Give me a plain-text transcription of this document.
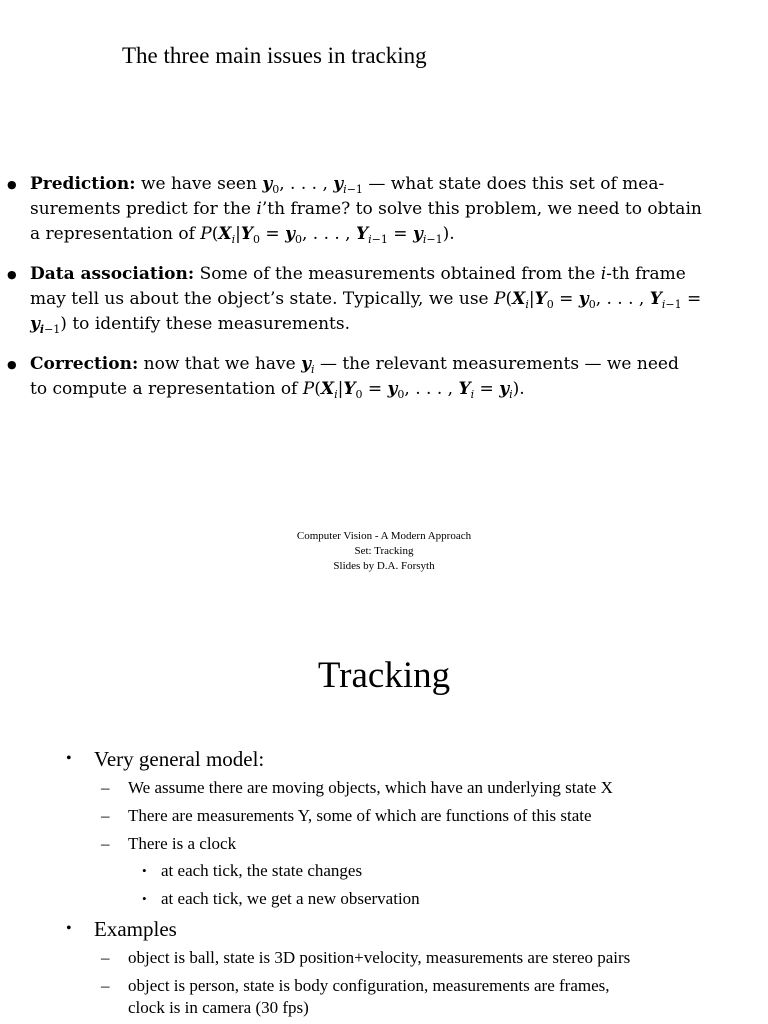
The three main issues in tracking
● Prediction: we have seen $y_0$, . . . , $y_{i-1}$ — what state does this set of mea-
surements predict for the i’th frame? to solve this problem, we need to obtain
a representation of $P(X_i|Y_0 = y_0$, . . . , $Y_{i-1} = y_{i-1}$).
● Data association: Some of the measurements obtained from the i-th frame
may tell us about the object’s state. Typically, we use $P(X_i|Y_0 = y_0$, . . . , $Y_{i-1}$ =
$y_{i-1}$) to identify these measurements.
● Correction: now that we have $y_i$ — the relevant measurements — we need
to compute a representation of $P(X_i|Y_0 = y_0$, . . . , $Y_i = y_i$).
Computer Vision - A Modern Approach
Set: Tracking
Slides by D.A. Forsyth
Tracking
• Very general model:
– We assume there are moving objects, which have an underlying state X
– There are measurements Y, some of which are functions of this state
– There is a clock
• at each tick, the state changes
• at each tick, we get a new observation
• Examples
– object is ball, state is 3D position+velocity, measurements are stereo pairs
– object is person, state is body configuration, measurements are frames,
clock is in camera (30 fps)
